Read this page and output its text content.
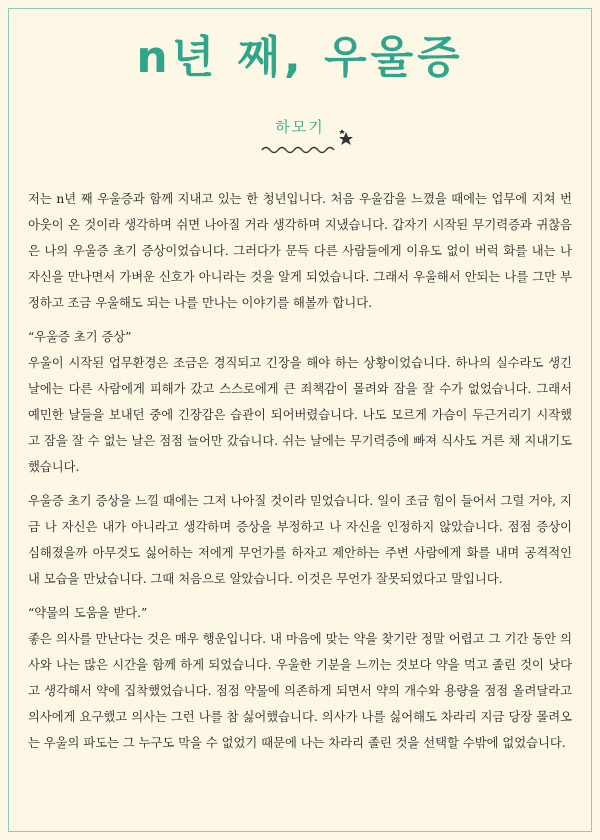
n년 째, 우울증
하모기

저는 n년 째 우울증과 함께 지내고 있는 한 청년입니다. 처음 우울감을 느꼈을 때에는 업무에 지쳐 번아웃이 온 것이라 생각하며 쉬면 나아질 거라 생각하며 지냈습니다. 갑자기 시작된 무기력증과 귀찮음은 나의 우울증 초기 증상이었습니다. 그러다가 문득 다른 사람들에게 이유도 없이 버럭 화를 내는 나 자신을 만나면서 가벼운 신호가 아니라는 것을 알게 되었습니다. 그래서 우울해서 안되는 나를 그만 부정하고 조금 우울해도 되는 나를 만나는 이야기를 해볼까 합니다.

“우울증 초기 증상”

우울이 시작된 업무환경은 조금은 경직되고 긴장을 해야 하는 상황이었습니다. 하나의 실수라도 생긴 날에는 다른 사람에게 피해가 갔고 스스로에게 큰 죄책감이 몰려와 잠을 잘 수가 없었습니다. 그래서 예민한 날들을 보내던 중에 긴장감은 습관이 되어버렸습니다. 나도 모르게 가슴이 두근거리기 시작했고 잠을 잘 수 없는 날은 점점 늘어만 갔습니다. 쉬는 날에는 무기력증에 빠져 식사도 거른 채 지내기도 했습니다.

우울증 초기 증상을 느낄 때에는 그저 나아질 것이라 믿었습니다. 일이 조금 힘이 들어서 그럴 거야, 지금 나 자신은 내가 아니라고 생각하며 증상을 부정하고 나 자신을 인정하지 않았습니다. 점점 증상이 심해졌을까 아무것도 싫어하는 저에게 무언가를 하자고 제안하는 주변 사람에게 화를 내며 공격적인 내 모습을 만났습니다. 그때 처음으로 알았습니다. 이것은 무언가 잘못되었다고 말입니다.

“약물의 도움을 받다.”

좋은 의사를 만난다는 것은 매우 행운입니다. 내 마음에 맞는 약을 찾기란 정말 어렵고 그 기간 동안 의사와 나는 많은 시간을 함께 하게 되었습니다. 우울한 기분을 느끼는 것보다 약을 먹고 졸린 것이 낫다고 생각해서 약에 집착했었습니다. 점점 약물에 의존하게 되면서 약의 개수와 용량을 점점 올려달라고 의사에게 요구했고 의사는 그런 나를 참 싫어했습니다. 의사가 나를 싫어해도 차라리 지금 당장 몰려오는 우울의 파도는 그 누구도 막을 수 없었기 때문에 나는 차라리 졸린 것을 선택할 수밖에 없었습니다.
